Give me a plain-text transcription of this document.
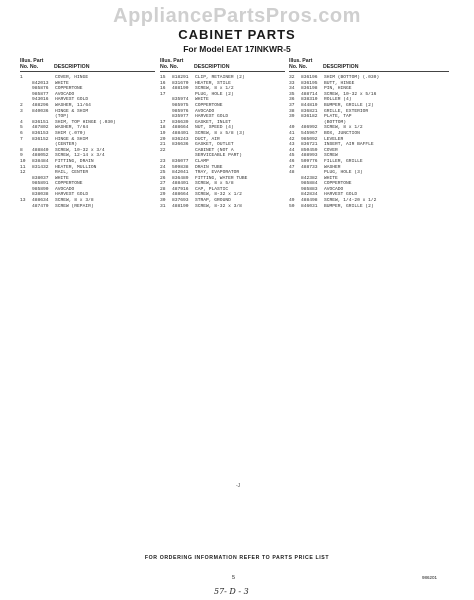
AppliancePartsPros.com
CABINET PARTS
For Model EAT 17INKWR-5
Illus. Part
No. No.	DESCRIPTION
1	COVER, HINGE
842013	WHITE
985876	COPPERTONE
985877	AVOCADO
943016	HARVEST GOLD
2	488296	WASHER, 11/64
3	840036	HINGE & SHIM
(TOP)
4	836151	SHIM, TOP HINGE (.030)
5	487802	WASHER, 7/64
6	836153	SHIM (.070)
7	836152	HINGE & SHIM
(CENTER)
8	488840	SCREW, 10-32 x 3/4
9	488052	SCREW, 12-14 x 3/4
10	838484	FITTING, DRAIN
11	831432	HEATER, MULLION
12	RAIL, CENTER
838037	WHITE
985891	COPPERTONE
985890	AVOCADO
838038	HARVEST GOLD
13	488634	SCREW, 8 x 3/8
487470	SCREW (REPAIR)
Illus. Part
No. No.	DESCRIPTION
15	818291	CLIP, RETAINER (2)
16	831670	HEATER, STILE
16	488190	SCREW, 8 x 1/2
17	PLUG, HOLE (2)
835974	WHITE
985975	COPPERTONE
985976	AVOCADO
835977	HARVEST GOLD
17	836639	GASKET, INLET
18	488664	NUT, SPEED (4)
19	488401	SCREW, 8 x 5/8 (3)
20	836243	DUCT, AIR
21	836636	GASKET, OUTLET
22	CABINET (NOT A
SERVICEABLE PART)
23	836077	CLAMP
24	509838	DRAIN TUBE
25	842041	TRAY, EVAPORATOR
26	836489	FITTING, WATER TUBE
27	488401	SCREW, 8 x 5/8
28	487916	CAP, PLASTIC
29	488664	SCREW, 8-32 x 1/2
30	837693	STRAP, GROUND
31	488190	SCREW, 8-32 x 3/8
Illus. Part
No. No.	DESCRIPTION
32	836196	SHIM (BOTTOM) (.030)
33	836195	BUTT, HINGE
34	836198	PIN, HINGE
35	488714	SCREW, 10-32 x 5/16
36	838310	ROLLER (4)
37	844819	BUMPER, GRILLE (2)
38	836821	GRILLE, EXTERIOR
39	836182	PLATE, TAP
(BOTTOM)
40	486992	SCREW, 8 x 1/2
41	545967	BOX, JUNCTION
42	985092	LEVELER
43	836721	INSERT, AIR BAFFLE
44	850459	COVER
45	488993	SCREW
46	509776	FILLER, GRILLE
47	488733	WASHER
48	PLUG, HOLE (3)
842382	WHITE
985884	COPPERTONE
985883	AVOCADO
842834	HARVEST GOLD
49	488498	SCREW, 1/4-20 x 1/2
50	846031	BUMPER, GRILLE (2)
-J
FOR ORDERING INFORMATION REFER TO PARTS PRICE LIST
5	986201
57- D - 3
